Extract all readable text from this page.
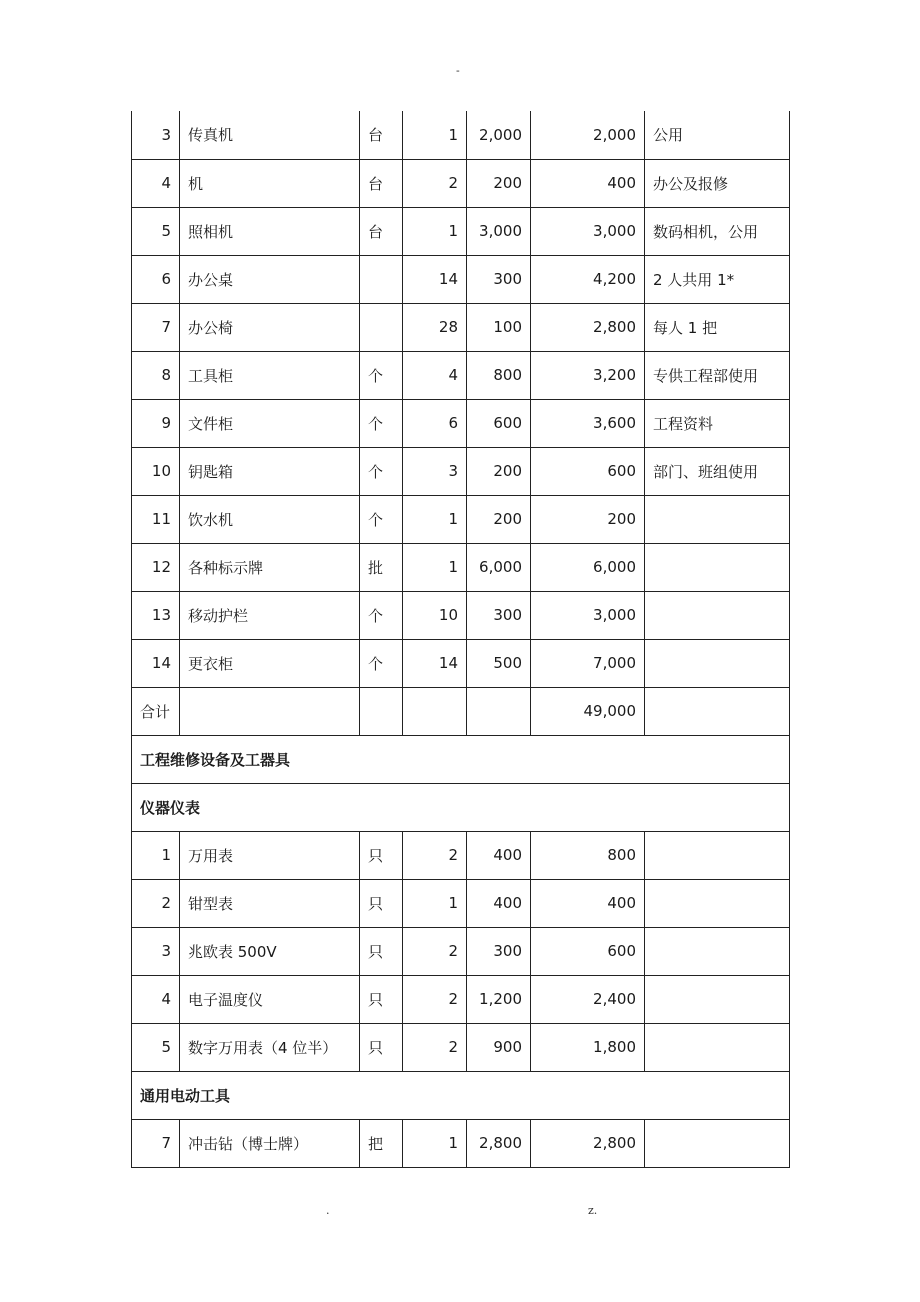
-
3	传真机	台	1	2,000	2,000	公用
4	机	台	2	200	400	办公及报修
5	照相机	台	1	3,000	3,000	数码相机，公用
6	办公桌		14	300	4,200	2 人共用 1*
7	办公椅		28	100	2,800	每人 1 把
8	工具柜	个	4	800	3,200	专供工程部使用
9	文件柜	个	6	600	3,600	工程资料
10	钥匙箱	个	3	200	600	部门、班组使用
11	饮水机	个	1	200	200	
12	各种标示牌	批	1	6,000	6,000	
13	移动护栏	个	10	300	3,000	
14	更衣柜	个	14	500	7,000	
合计					49,000	
工程维修设备及工器具						
仪器仪表						
1	万用表	只	2	400	800	
2	钳型表	只	1	400	400	
3	兆欧表 500V	只	2	300	600	
4	电子温度仪	只	2	1,200	2,400	
5	数字万用表（4 位半）	只	2	900	1,800	
通用电动工具						
7	冲击钻（博士牌）	把	1	2,800	2,800	
.	z.
